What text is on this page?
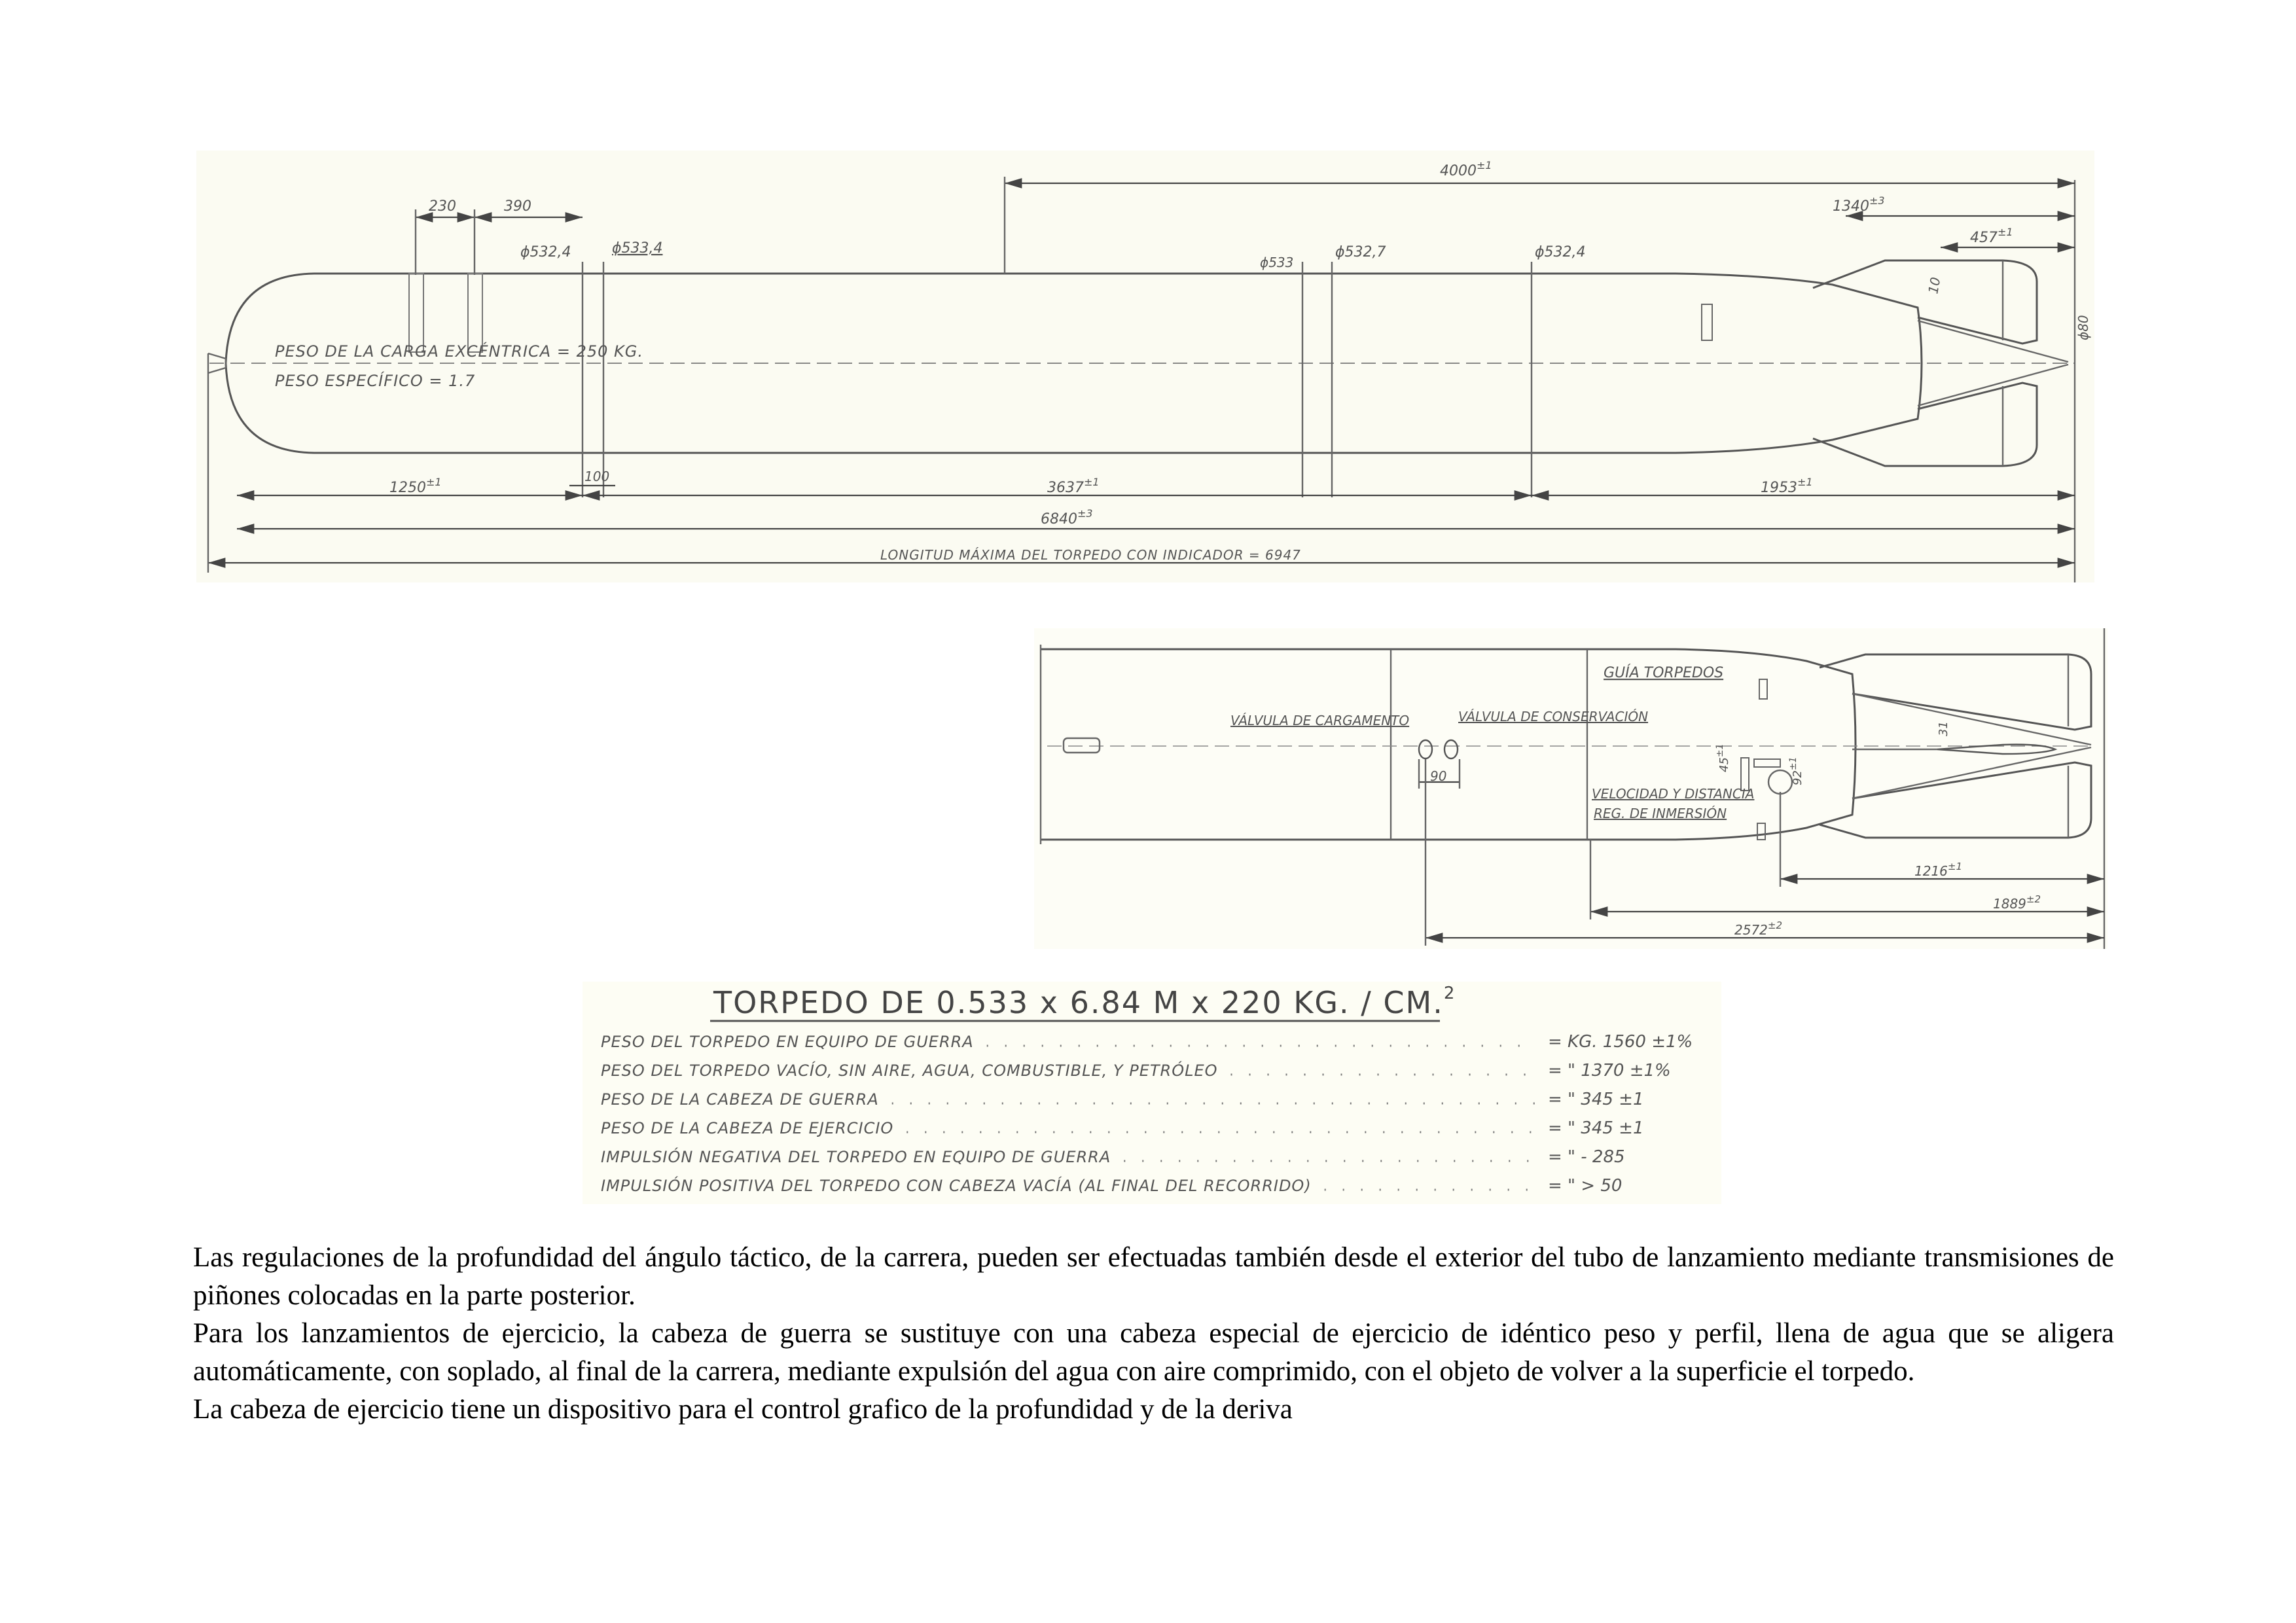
$4000^{\pm 1}$
$1340^{\pm 3}$
$457^{\pm 1}$
230	390
ϕ532,4	ϕ533,4
ϕ533
ϕ532,7	ϕ532,4
10
ϕ80
PESO DE LA CARGA EXCÉNTRICA = 250 KG.
PESO ESPECÍFICO = 1.7
$1250^{\pm 1}$	100
$3637^{\pm 1}$	$1953^{\pm 1}$
$6840^{\pm 3}$
LONGITUD MÁXIMA DEL TORPEDO CON INDICADOR = 6947
GUÍA TORPEDOS
VÁLVULA DE CARGAMENTO	VÁLVULA DE CONSERVACIÓN
VELOCIDAD Y DISTANCIA
REG. DE INMERSIÓN
90
$45^{\pm 1}$
$92^{\pm 1}$
31
$1216^{\pm 1}$
$1889^{\pm 2}$
$2572^{\pm 2}$
TORPEDO DE 0.533 x 6.84 M x 220 KG. / CM.$^2$
PESO DEL TORPEDO EN EQUIPO DE GUERRA	= KG. 1560 ±1%
PESO DEL TORPEDO VACÍO, SIN AIRE, AGUA, COMBUSTIBLE, Y PETRÓLEO	= " 1370 ±1%
PESO DE LA CABEZA DE GUERRA	= " 345 ±1
PESO DE LA CABEZA DE EJERCICIO	= " 345 ±1
IMPULSIÓN NEGATIVA DEL TORPEDO EN EQUIPO DE GUERRA	= " - 285
IMPULSIÓN POSITIVA DEL TORPEDO CON CABEZA VACÍA (AL FINAL DEL RECORRIDO)	= " > 50

Las regulaciones de la profundidad del ángulo táctico, de la carrera, pueden ser efectuadas también desde el exterior del tubo de lanzamiento mediante transmisiones de piñones colocadas en la parte posterior.

Para los lanzamientos de ejercicio, la cabeza de guerra se sustituye con una cabeza especial de ejercicio de idéntico peso y perfil, llena de agua que se aligera automáticamente, con soplado, al final de la carrera, mediante expulsión del agua con aire comprimido, con el objeto de volver a la superficie el torpedo.

La cabeza de ejercicio tiene un dispositivo para el control grafico de la profundidad y de la deriva
